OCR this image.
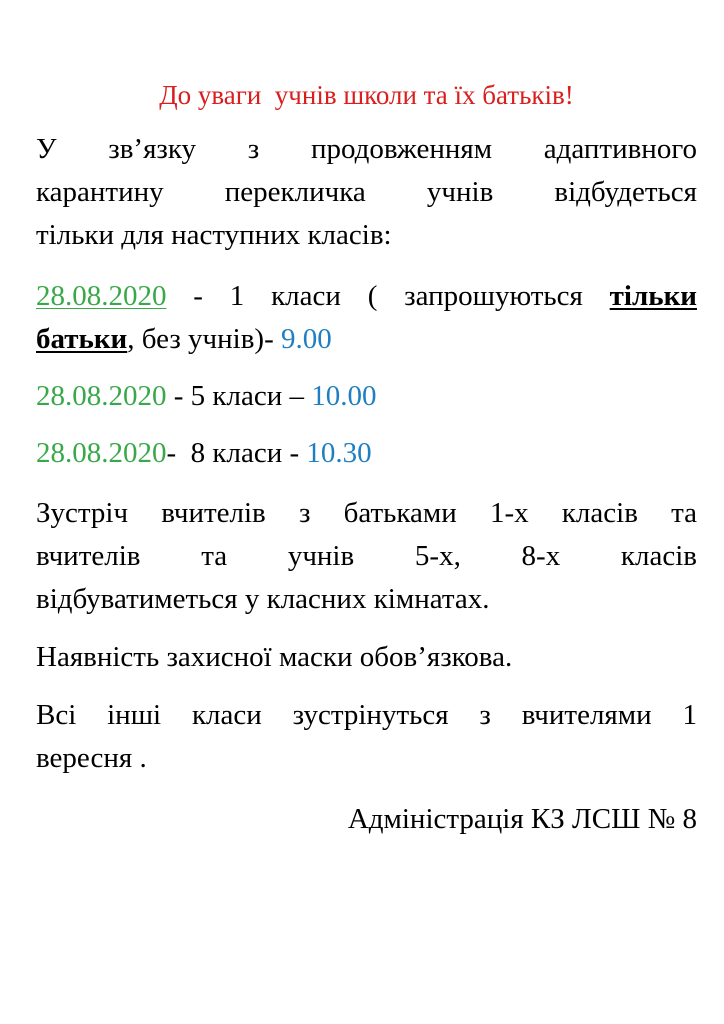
До уваги  учнів школи та їх батьків!
У зв’язку з продовженням адаптивного
карантину перекличка учнів відбудеться
тільки для наступних класів:
28.08.2020 - 1 класи ( запрошуються тільки
батьки, без учнів)- 9.00
28.08.2020 - 5 класи – 10.00
28.08.2020-  8 класи - 10.30
Зустріч вчителів з батьками 1-х класів та
вчителів та учнів 5-х, 8-х класів
відбуватиметься у класних кімнатах.
Наявність захисної маски обов’язкова.
Всі інші класи зустрінуться з вчителями 1
вересня .
Адміністрація КЗ ЛСШ № 8
